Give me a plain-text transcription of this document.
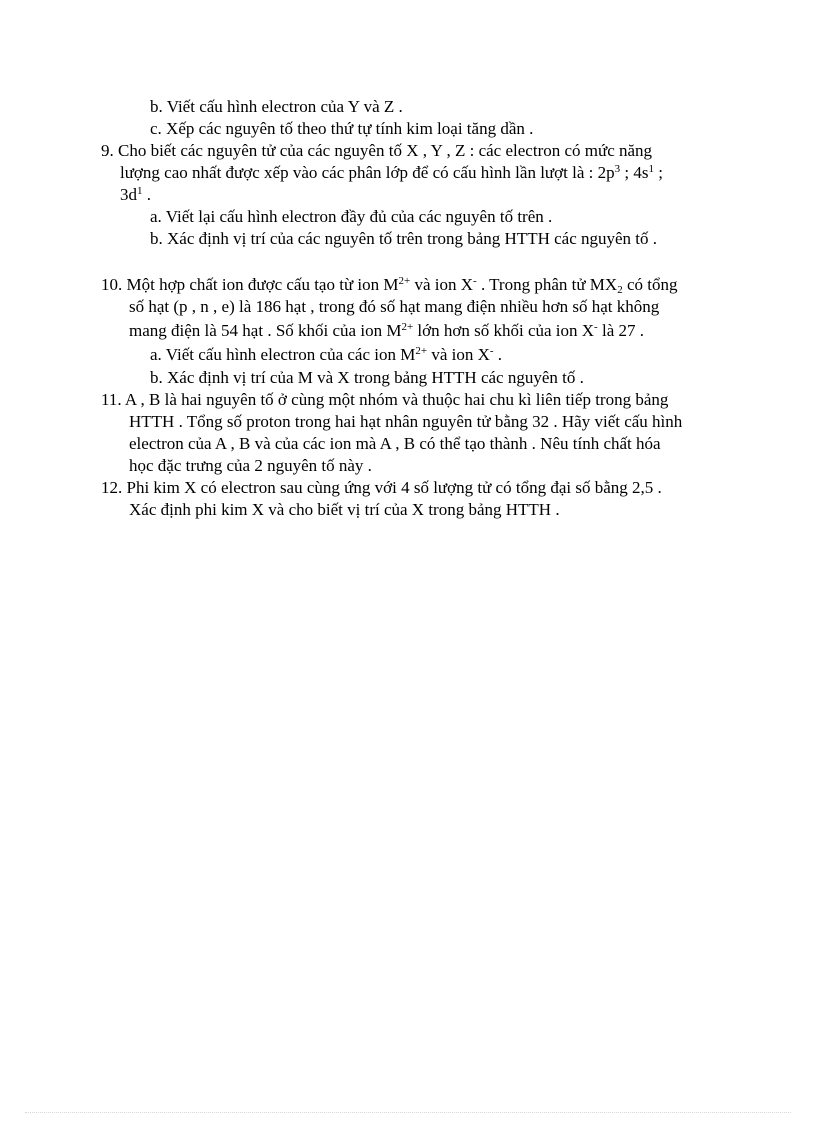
b. Viết cấu hình electron của Y và Z .
c. Xếp các nguyên tố theo thứ tự tính kim loại tăng dần .
9. Cho biết các nguyên tử của các nguyên tố X , Y , Z : các electron có mức năng
lượng cao nhất được xếp vào các phân lớp để có cấu hình lần lượt là : $2p^3$ ; $4s^1$ ;
$3d^1$ .
a. Viết lại cấu hình electron đầy đủ của các nguyên tố trên .
b. Xác định vị trí của các nguyên tố trên trong bảng HTTH các nguyên tố .
10. Một hợp chất ion được cấu tạo từ ion $M^{2+}$ và ion X- . Trong phân tử $MX_2$ có tổng
số hạt (p , n , e) là 186 hạt , trong đó số hạt mang điện nhiều hơn số hạt không
mang điện là 54 hạt . Số khối của ion $M^{2+}$ lớn hơn số khối của ion X- là 27 .
a. Viết cấu hình electron của các ion $M^{2+}$ và ion X- .
b. Xác định vị trí của M và X trong bảng HTTH các nguyên tố .
11. A , B là hai nguyên tố ở cùng một nhóm và thuộc hai chu kì liên tiếp trong bảng
HTTH . Tổng số proton trong hai hạt nhân nguyên tử bằng 32 . Hãy viết cấu hình
electron của A , B và của các ion mà A , B có thể tạo thành . Nêu tính chất hóa
học đặc trưng của 2 nguyên tố này .
12. Phi kim X có electron sau cùng ứng với 4 số lượng tử có tổng đại số bằng 2,5 .
Xác định phi kim X và cho biết vị trí của X trong bảng HTTH .
